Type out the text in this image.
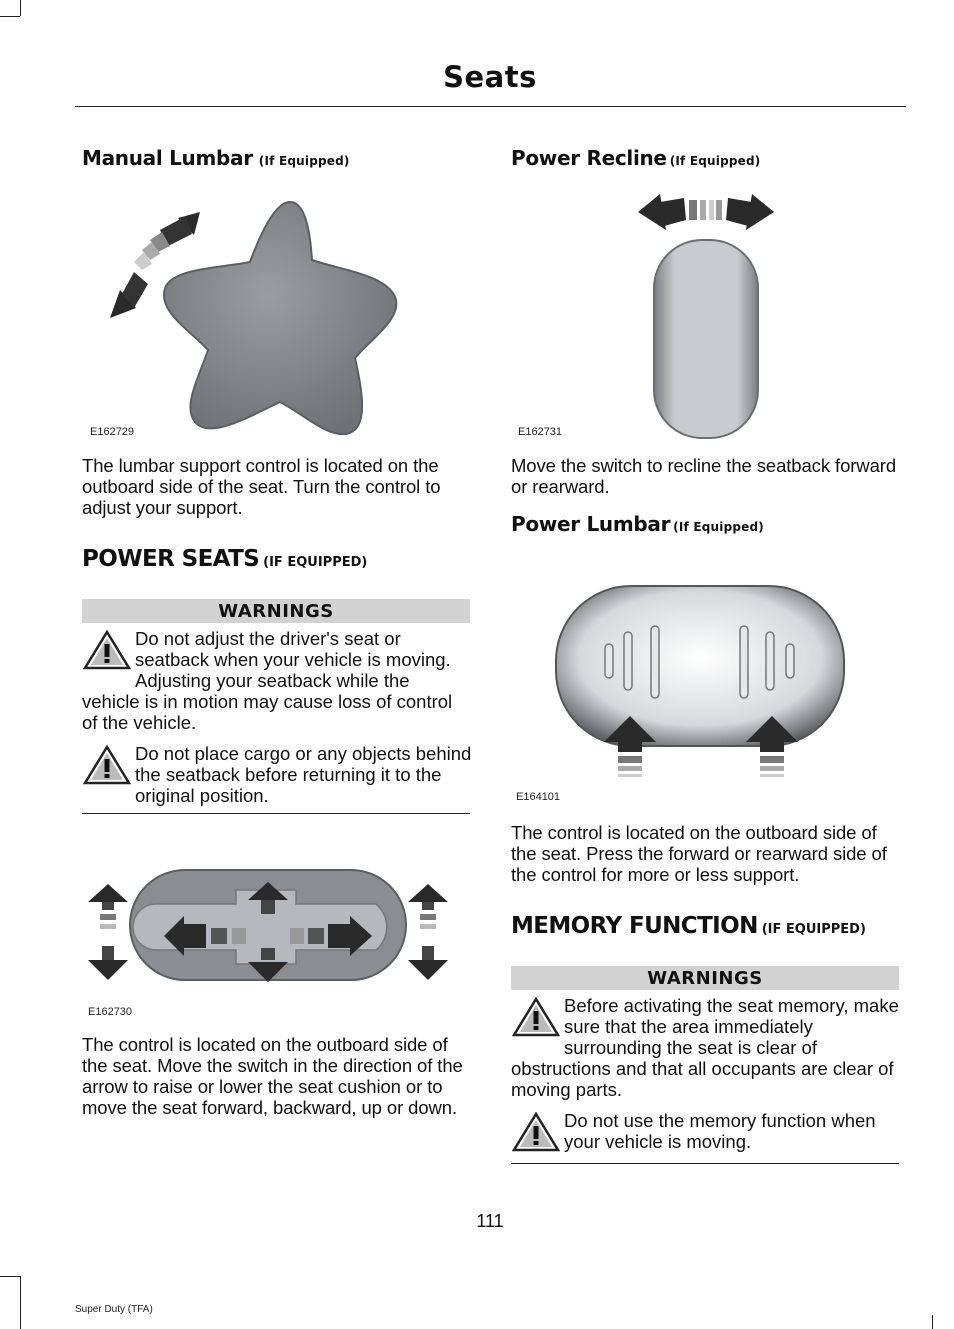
Seats
Manual Lumbar (If Equipped)
E162729
The lumbar support control is located on the outboard side of the seat. Turn the control to adjust your support.
POWER SEATS (IF EQUIPPED)
WARNINGS
Do not adjust the driver's seat or seatback when your vehicle is moving. Adjusting your seatback while the vehicle is in motion may cause loss of control of the vehicle.
Do not place cargo or any objects behind the seatback before returning it to the original position.
E162730
The control is located on the outboard side of the seat. Move the switch in the direction of the arrow to raise or lower the seat cushion or to move the seat forward, backward, up or down.
Power Recline (If Equipped)
E162731
Move the switch to recline the seatback forward or rearward.
Power Lumbar (If Equipped)
E164101
The control is located on the outboard side of the seat. Press the forward or rearward side of the control for more or less support.
MEMORY FUNCTION (IF EQUIPPED)
WARNINGS
Before activating the seat memory, make sure that the area immediately surrounding the seat is clear of obstructions and that all occupants are clear of moving parts.
Do not use the memory function when your vehicle is moving.
111
Super Duty (TFA)
